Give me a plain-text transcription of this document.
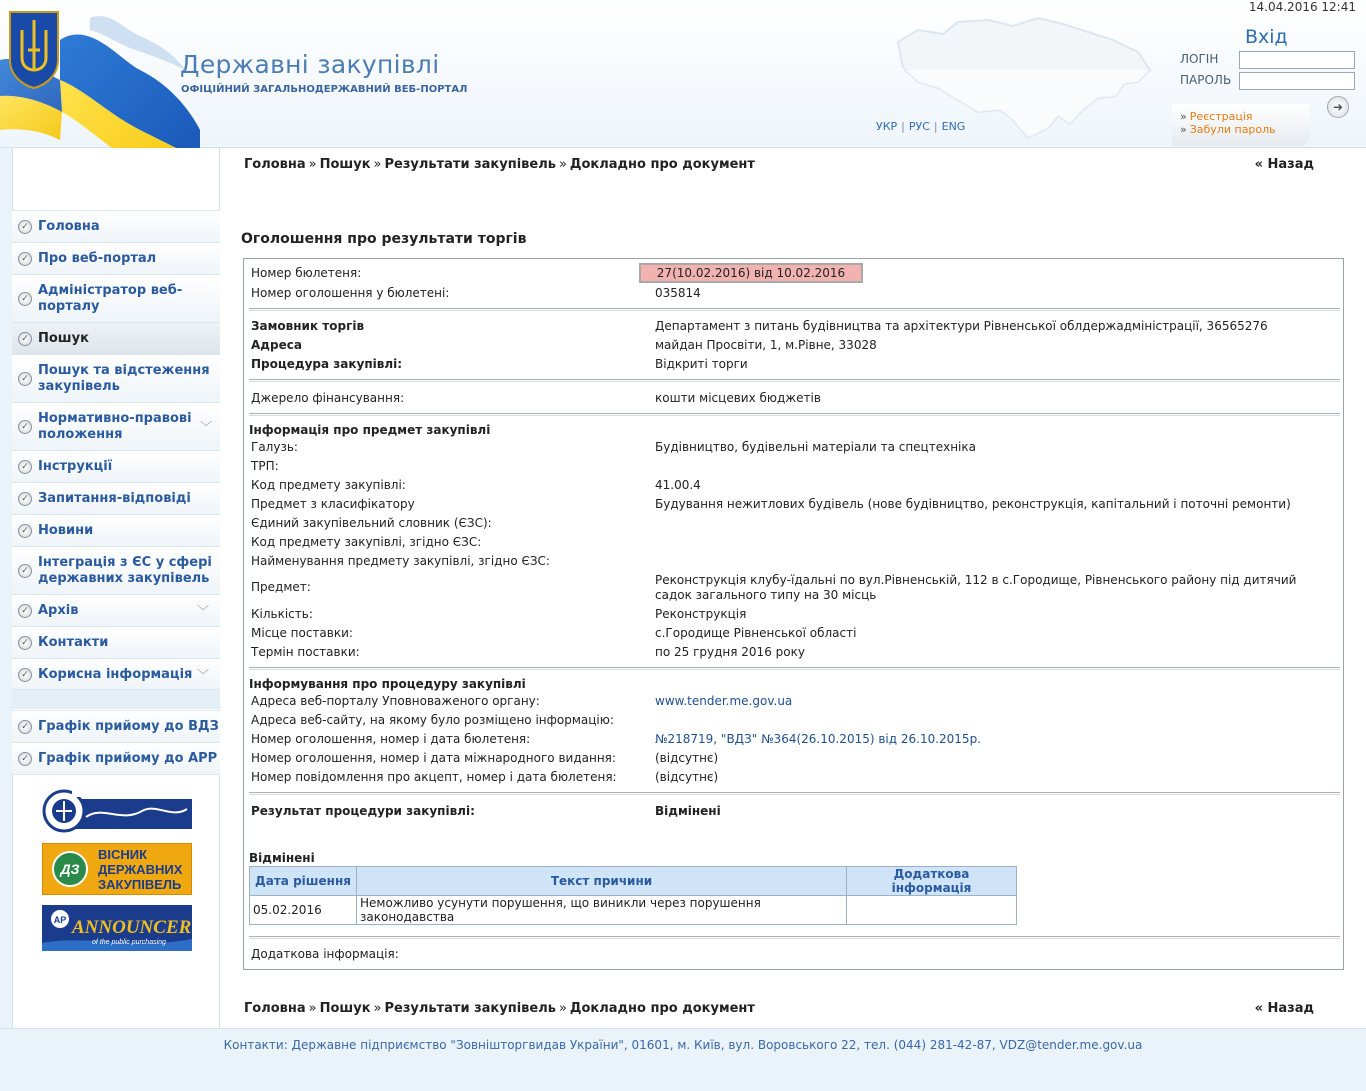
14.04.2016 12:41
Державні закупівлі
ОФІЦІЙНИЙ ЗАГАЛЬНОДЕРЖАВНИЙ ВЕБ-ПОРТАЛ
УКР | РУС | ENG
Вхід
ЛОГІН
ПАРОЛЬ
➜
» Реєстрація
» Забули пароль
✓ Головна
✓ Про веб-портал
✓
Адміністратор веб-порталу
✓ Пошук
✓
Пошук та відстеження закупівель
✓
Нормативно-правові положення	﹀
✓ Інструкції
✓ Запитання-відповіді
✓ Новини
✓
Інтеграція з ЄС у сфері державних закупівель
✓ Архів	﹀
✓ Контакти
✓ Корисна інформація ﹀
✓ Графік прийому до ВДЗ
✓ Графік прийому до АРР
ДЗ
ВІСНИК
ДЕРЖАВНИХ
ЗАКУПІВЕЛЬ
AP ANNOUNCER
of the public purchasing
Головна » Пошук » Результати закупівель » Докладно про документ	« Назад
Оголошення про результати торгів
Номер бюлетеня:	27(10.02.2016) від 10.02.2016
Номер оголошення у бюлетені:	035814
Замовник торгів	Департамент з питань будівництва та архітектури Рівненської облдержадміністрації, 36565276
Адреса	майдан Просвіти, 1, м.Рівне, 33028
Процедура закупівлі:	Відкриті торги
Джерело фінансування:	кошти місцевих бюджетів
Інформація про предмет закупівлі
Галузь:	Будівництво, будівельні матеріали та спецтехніка
ТРП:
Код предмету закупівлі:	41.00.4
Предмет з класифікатору	Будування нежитлових будівель (нове будівництво, реконструкція, капітальний і поточні ремонти)
Єдиний закупівельний словник (ЄЗС):
Код предмету закупівлі, згідно ЄЗС:
Найменування предмету закупівлі, згідно ЄЗС:
Предмет:	Реконструкція клубу-їдальні по вул.Рівненській, 112 в с.Городище, Рівненського району під дитячий садок загального типу на 30 місць
Кількість:	Реконструкція
Місце поставки:	с.Городище Рівненської області
Термін поставки:	по 25 грудня 2016 року
Інформування про процедуру закупівлі
Адреса веб-порталу Уповноваженого органу:	www.tender.me.gov.ua
Адреса веб-сайту, на якому було розміщено інформацію:
Номер оголошення, номер і дата бюлетеня:	№218719, "ВДЗ" №364(26.10.2015) від 26.10.2015р.
Номер оголошення, номер і дата міжнародного видання:	(відсутнє)
Номер повідомлення про акцепт, номер і дата бюлетеня:	(відсутнє)
Результат процедури закупівлі:	Відмінені
Відмінені
Дата рішення	Текст причини	Додаткова інформація
05.02.2016	Неможливо усунути порушення, що виникли через порушення законодавства	
Додаткова інформація:
Головна » Пошук » Результати закупівель » Докладно про документ	« Назад
Контакти: Державне підприємство "Зовнішторгвидав України", 01601, м. Київ, вул. Воровського 22, тел. (044) 281-42-87, VDZ@tender.me.gov.ua
